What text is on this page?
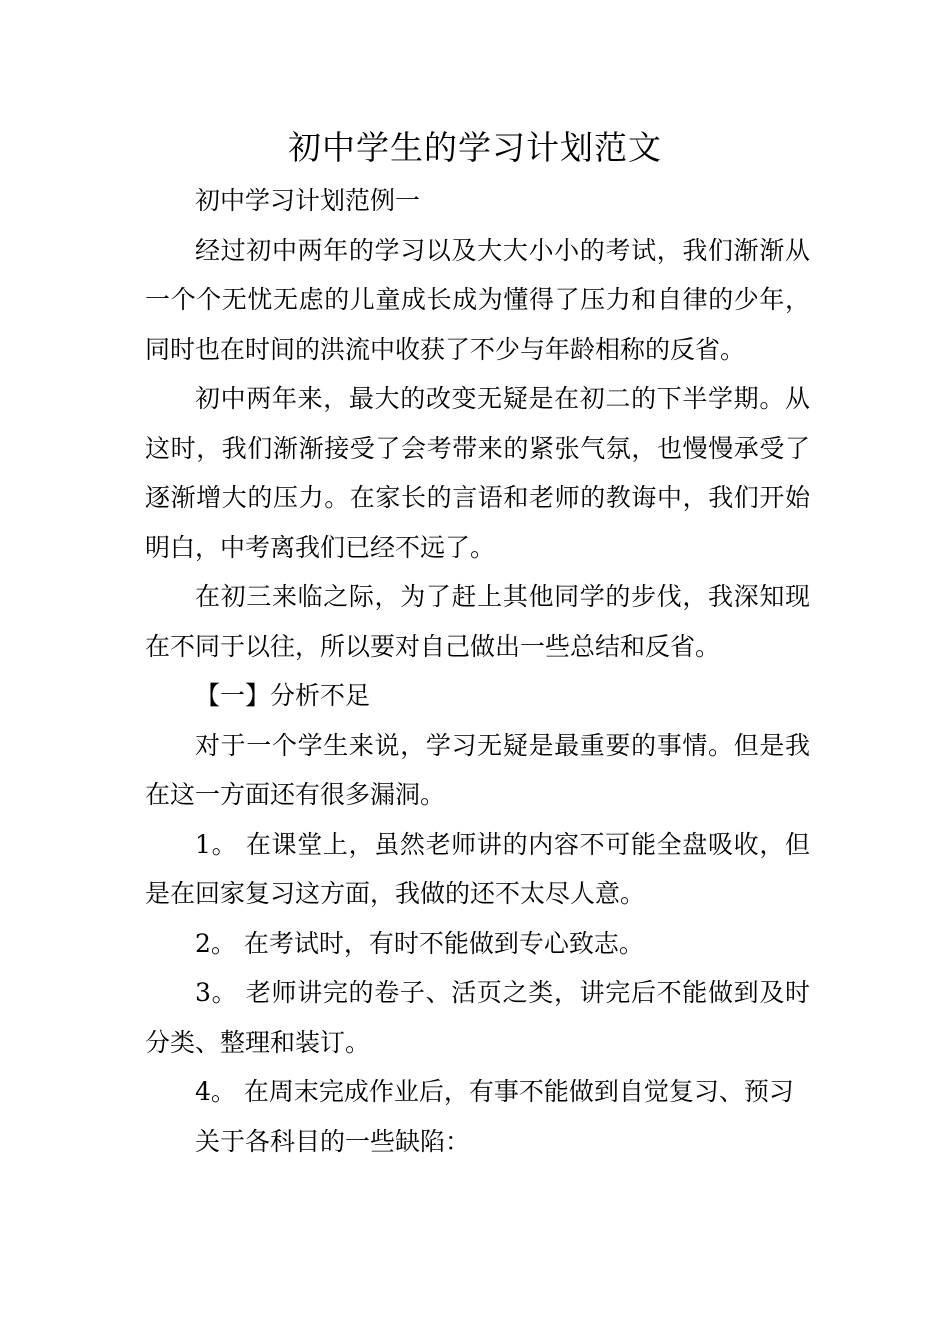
初中学生的学习计划范文

初中学习计划范例一

经过初中两年的学习以及大大小小的考试，我们渐渐从一个个无忧无虑的儿童成长成为懂得了压力和自律的少年，同时也在时间的洪流中收获了不少与年龄相称的反省。

初中两年来，最大的改变无疑是在初二的下半学期。从这时，我们渐渐接受了会考带来的紧张气氛，也慢慢承受了逐渐增大的压力。在家长的言语和老师的教诲中，我们开始明白，中考离我们已经不远了。

在初三来临之际，为了赶上其他同学的步伐，我深知现在不同于以往，所以要对自己做出一些总结和反省。

【一】分析不足

对于一个学生来说，学习无疑是最重要的事情。但是我在这一方面还有很多漏洞。

1。 在课堂上，虽然老师讲的内容不可能全盘吸收，但是在回家复习这方面，我做的还不太尽人意。

2。 在考试时，有时不能做到专心致志。

3。 老师讲完的卷子、活页之类，讲完后不能做到及时分类、整理和装订。

4。 在周末完成作业后，有事不能做到自觉复习、预习

关于各科目的一些缺陷：
